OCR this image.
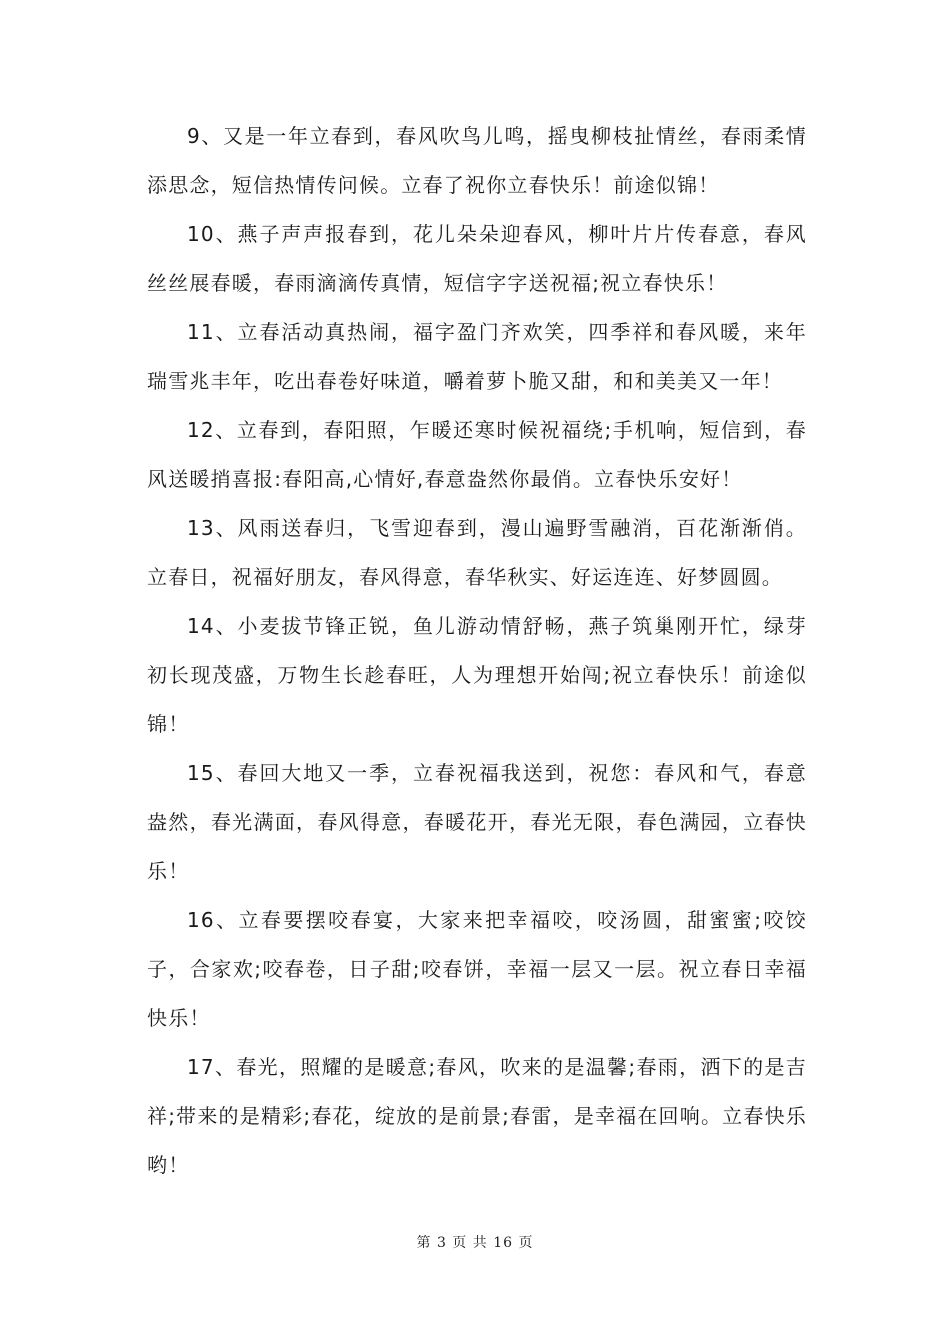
9、又是一年立春到，春风吹鸟儿鸣，摇曳柳枝扯情丝，春雨柔情添思念，短信热情传问候。立春了祝你立春快乐！前途似锦！

10、燕子声声报春到，花儿朵朵迎春风，柳叶片片传春意，春风丝丝展春暖，春雨滴滴传真情，短信字字送祝福;祝立春快乐！

11、立春活动真热闹，福字盈门齐欢笑，四季祥和春风暖，来年瑞雪兆丰年，吃出春卷好味道，嚼着萝卜脆又甜，和和美美又一年！

12、立春到，春阳照，乍暖还寒时候祝福绕;手机响，短信到，春风送暖捎喜报:春阳高,心情好,春意盎然你最俏。立春快乐安好！

13、风雨送春归，飞雪迎春到，漫山遍野雪融消，百花渐渐俏。立春日，祝福好朋友，春风得意，春华秋实、好运连连、好梦圆圆。

14、小麦拔节锋正锐，鱼儿游动情舒畅，燕子筑巢刚开忙，绿芽初长现茂盛，万物生长趁春旺，人为理想开始闯;祝立春快乐！前途似锦！

15、春回大地又一季，立春祝福我送到，祝您：春风和气，春意盎然，春光满面，春风得意，春暖花开，春光无限，春色满园，立春快乐！

16、立春要摆咬春宴，大家来把幸福咬，咬汤圆，甜蜜蜜;咬饺子，合家欢;咬春卷，日子甜;咬春饼，幸福一层又一层。祝立春日幸福快乐！

17、春光，照耀的是暖意;春风，吹来的是温馨;春雨，洒下的是吉祥;带来的是精彩;春花，绽放的是前景;春雷，是幸福在回响。立春快乐哟！

第 3 页 共 16 页
